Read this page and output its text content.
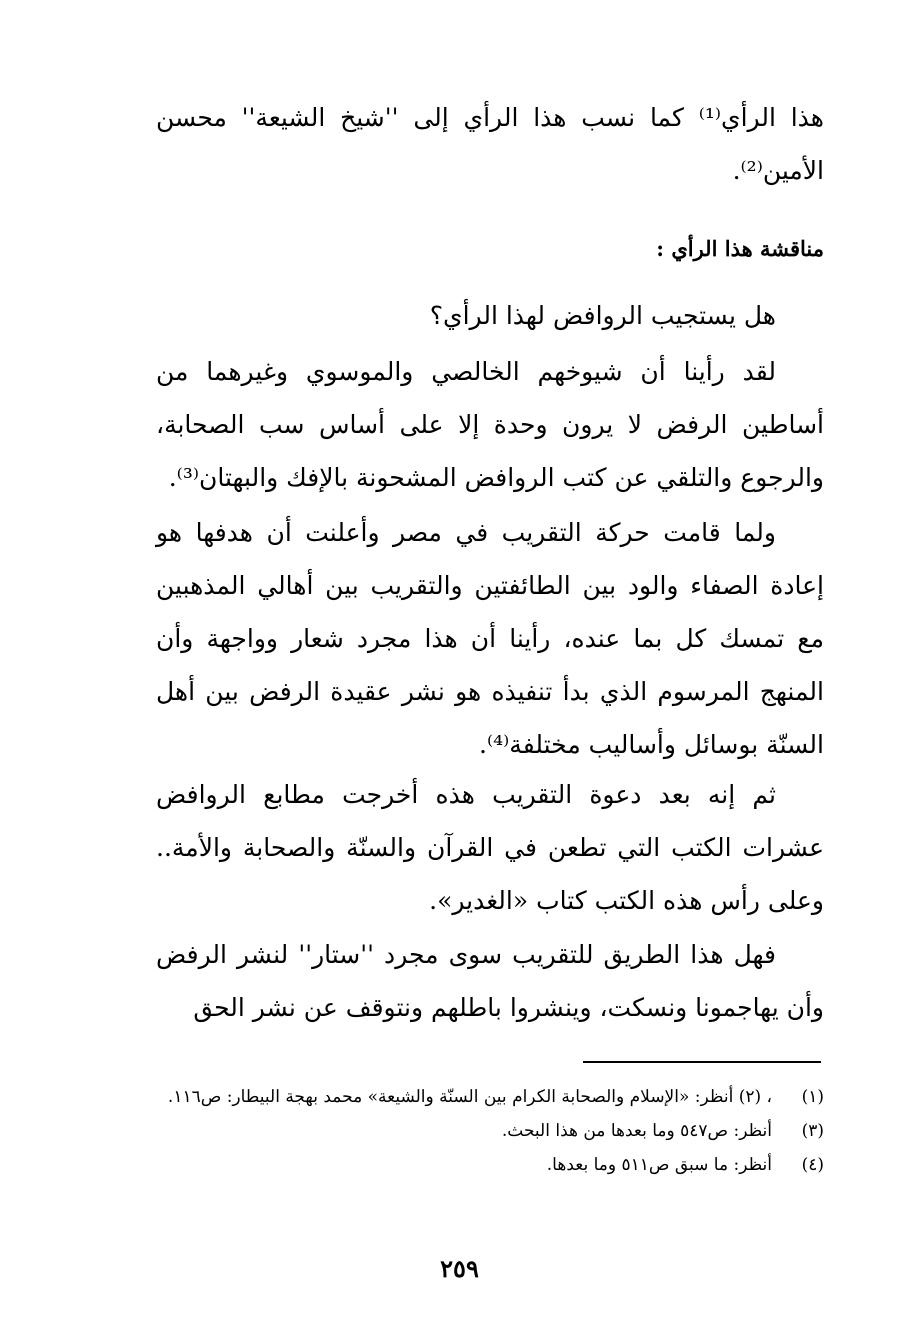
هذا الرأي⁽¹⁾ كما نسب هذا الرأي إلى ''شيخ الشيعة'' محسن الأمين⁽²⁾.
مناقشة هذا الرأي :
هل يستجيب الروافض لهذا الرأي؟
لقد رأينا أن شيوخهم الخالصي والموسوي وغيرهما من أساطين الرفض لا يرون وحدة إلا على أساس سب الصحابة، والرجوع والتلقي عن كتب الروافض المشحونة بالإفك والبهتان⁽³⁾.
ولما قامت حركة التقريب في مصر وأعلنت أن هدفها هو إعادة الصفاء والود بين الطائفتين والتقريب بين أهالي المذهبين مع تمسك كل بما عنده، رأينا أن هذا مجرد شعار وواجهة وأن المنهج المرسوم الذي بدأ تنفيذه هو نشر عقيدة الرفض بين أهل السنّة بوسائل وأساليب مختلفة⁽⁴⁾.
ثم إنه بعد دعوة التقريب هذه أخرجت مطابع الروافض عشرات الكتب التي تطعن في القرآن والسنّة والصحابة والأمة.. وعلى رأس هذه الكتب كتاب «الغدير».
فهل هذا الطريق للتقريب سوى مجرد ''ستار'' لنشر الرفض وأن يهاجمونا ونسكت، وينشروا باطلهم ونتوقف عن نشر الحق
(١)
، (٢) أنظر: «الإسلام والصحابة الكرام بين السنّة والشيعة» محمد بهجة البيطار: ص١١٦.
(٣)
أنظر: ص٥٤٧ وما بعدها من هذا البحث.
(٤)
أنظر: ما سبق ص٥١١ وما بعدها.
٢٥٩
